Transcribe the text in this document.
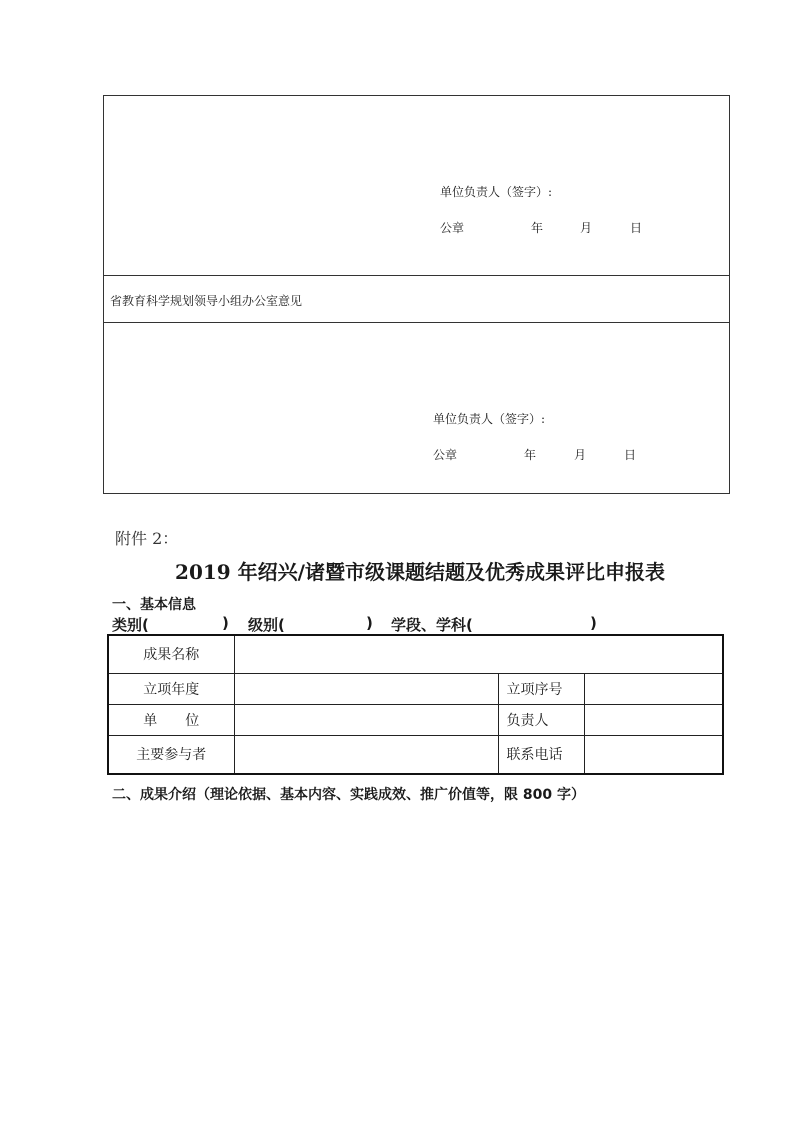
单位负责人（签字）:
公章	年	月	日
省教育科学规划领导小组办公室意见
单位负责人（签字）:
公章	年	月	日
附件 2：
2019 年绍兴/诸暨市级课题结题及优秀成果评比申报表
一、基本信息
类别(	) 级别(	) 学段、学科(	)
成果名称			
立项年度		立项序号	
单　　位		负责人	
主要参与者		联系电话	
二、成果介绍（理论依据、基本内容、实践成效、推广价值等，限 800 字）
